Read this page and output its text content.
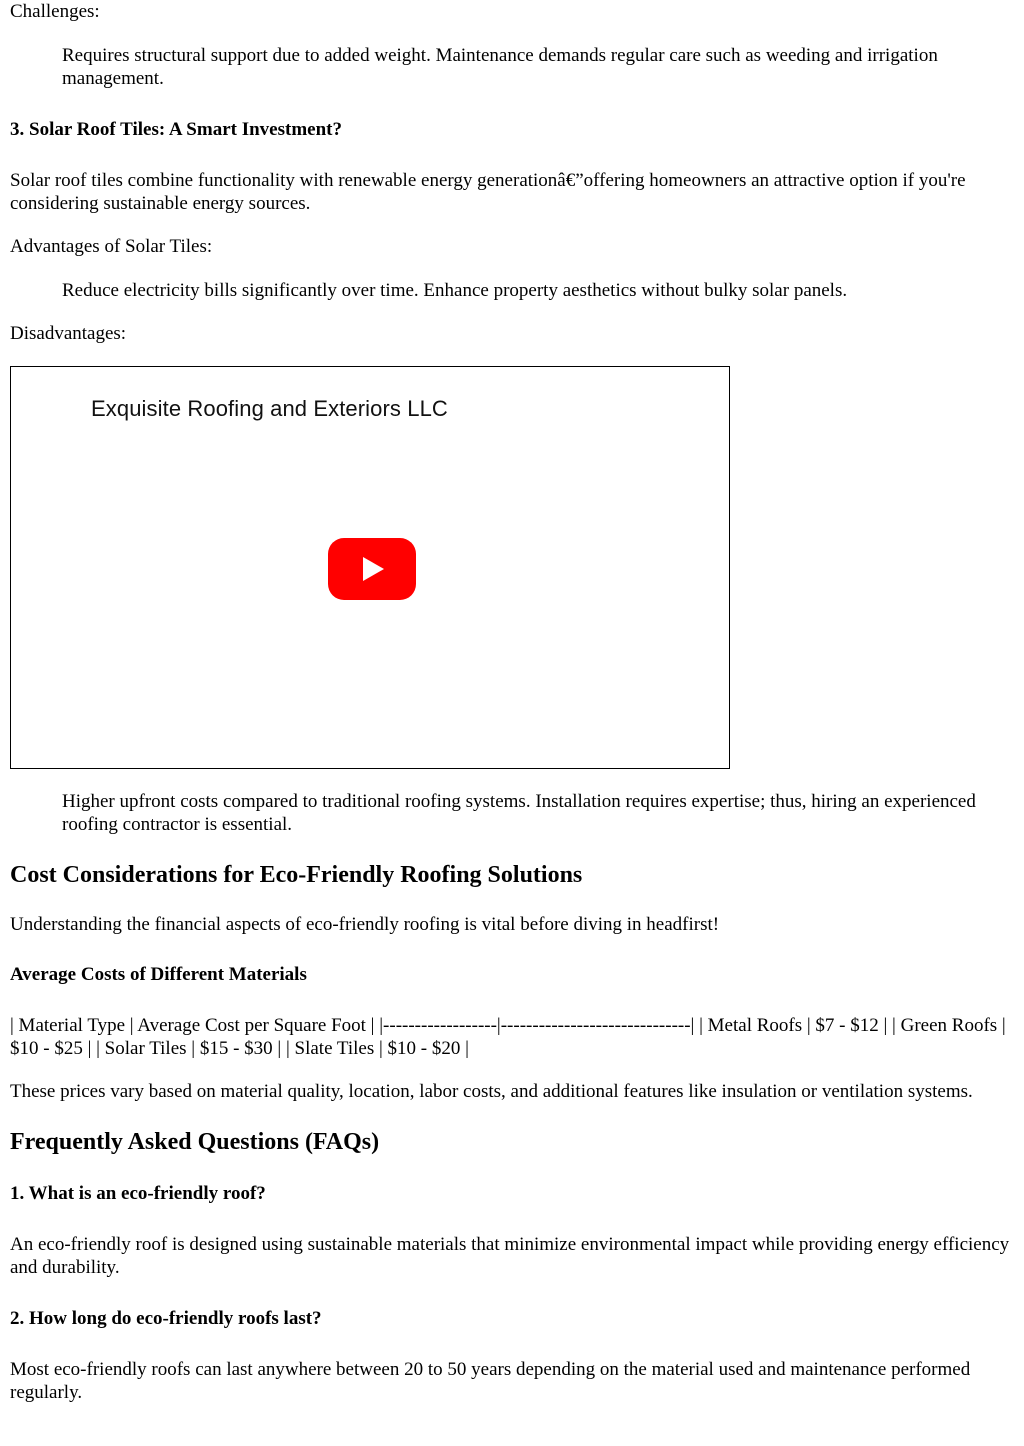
Challenges:

Requires structural support due to added weight. Maintenance demands regular care such as weeding and irrigation management.

3. Solar Roof Tiles: A Smart Investment?

Solar roof tiles combine functionality with renewable energy generationâ€”offering homeowners an attractive option if you're considering sustainable energy sources.

Advantages of Solar Tiles:

Reduce electricity bills significantly over time. Enhance property aesthetics without bulky solar panels.

Disadvantages:

Exquisite Roofing and Exteriors LLC

Higher upfront costs compared to traditional roofing systems. Installation requires expertise; thus, hiring an experienced roofing contractor is essential.

Cost Considerations for Eco-Friendly Roofing Solutions

Understanding the financial aspects of eco-friendly roofing is vital before diving in headfirst!

Average Costs of Different Materials

| Material Type | Average Cost per Square Foot | |------------------|------------------------------| | Metal Roofs | $7 - $12 | | Green Roofs | $10 - $25 | | Solar Tiles | $15 - $30 | | Slate Tiles | $10 - $20 |

These prices vary based on material quality, location, labor costs, and additional features like insulation or ventilation systems.

Frequently Asked Questions (FAQs)
1. What is an eco-friendly roof?

An eco-friendly roof is designed using sustainable materials that minimize environmental impact while providing energy efficiency and durability.

2. How long do eco-friendly roofs last?

Most eco-friendly roofs can last anywhere between 20 to 50 years depending on the material used and maintenance performed regularly.
